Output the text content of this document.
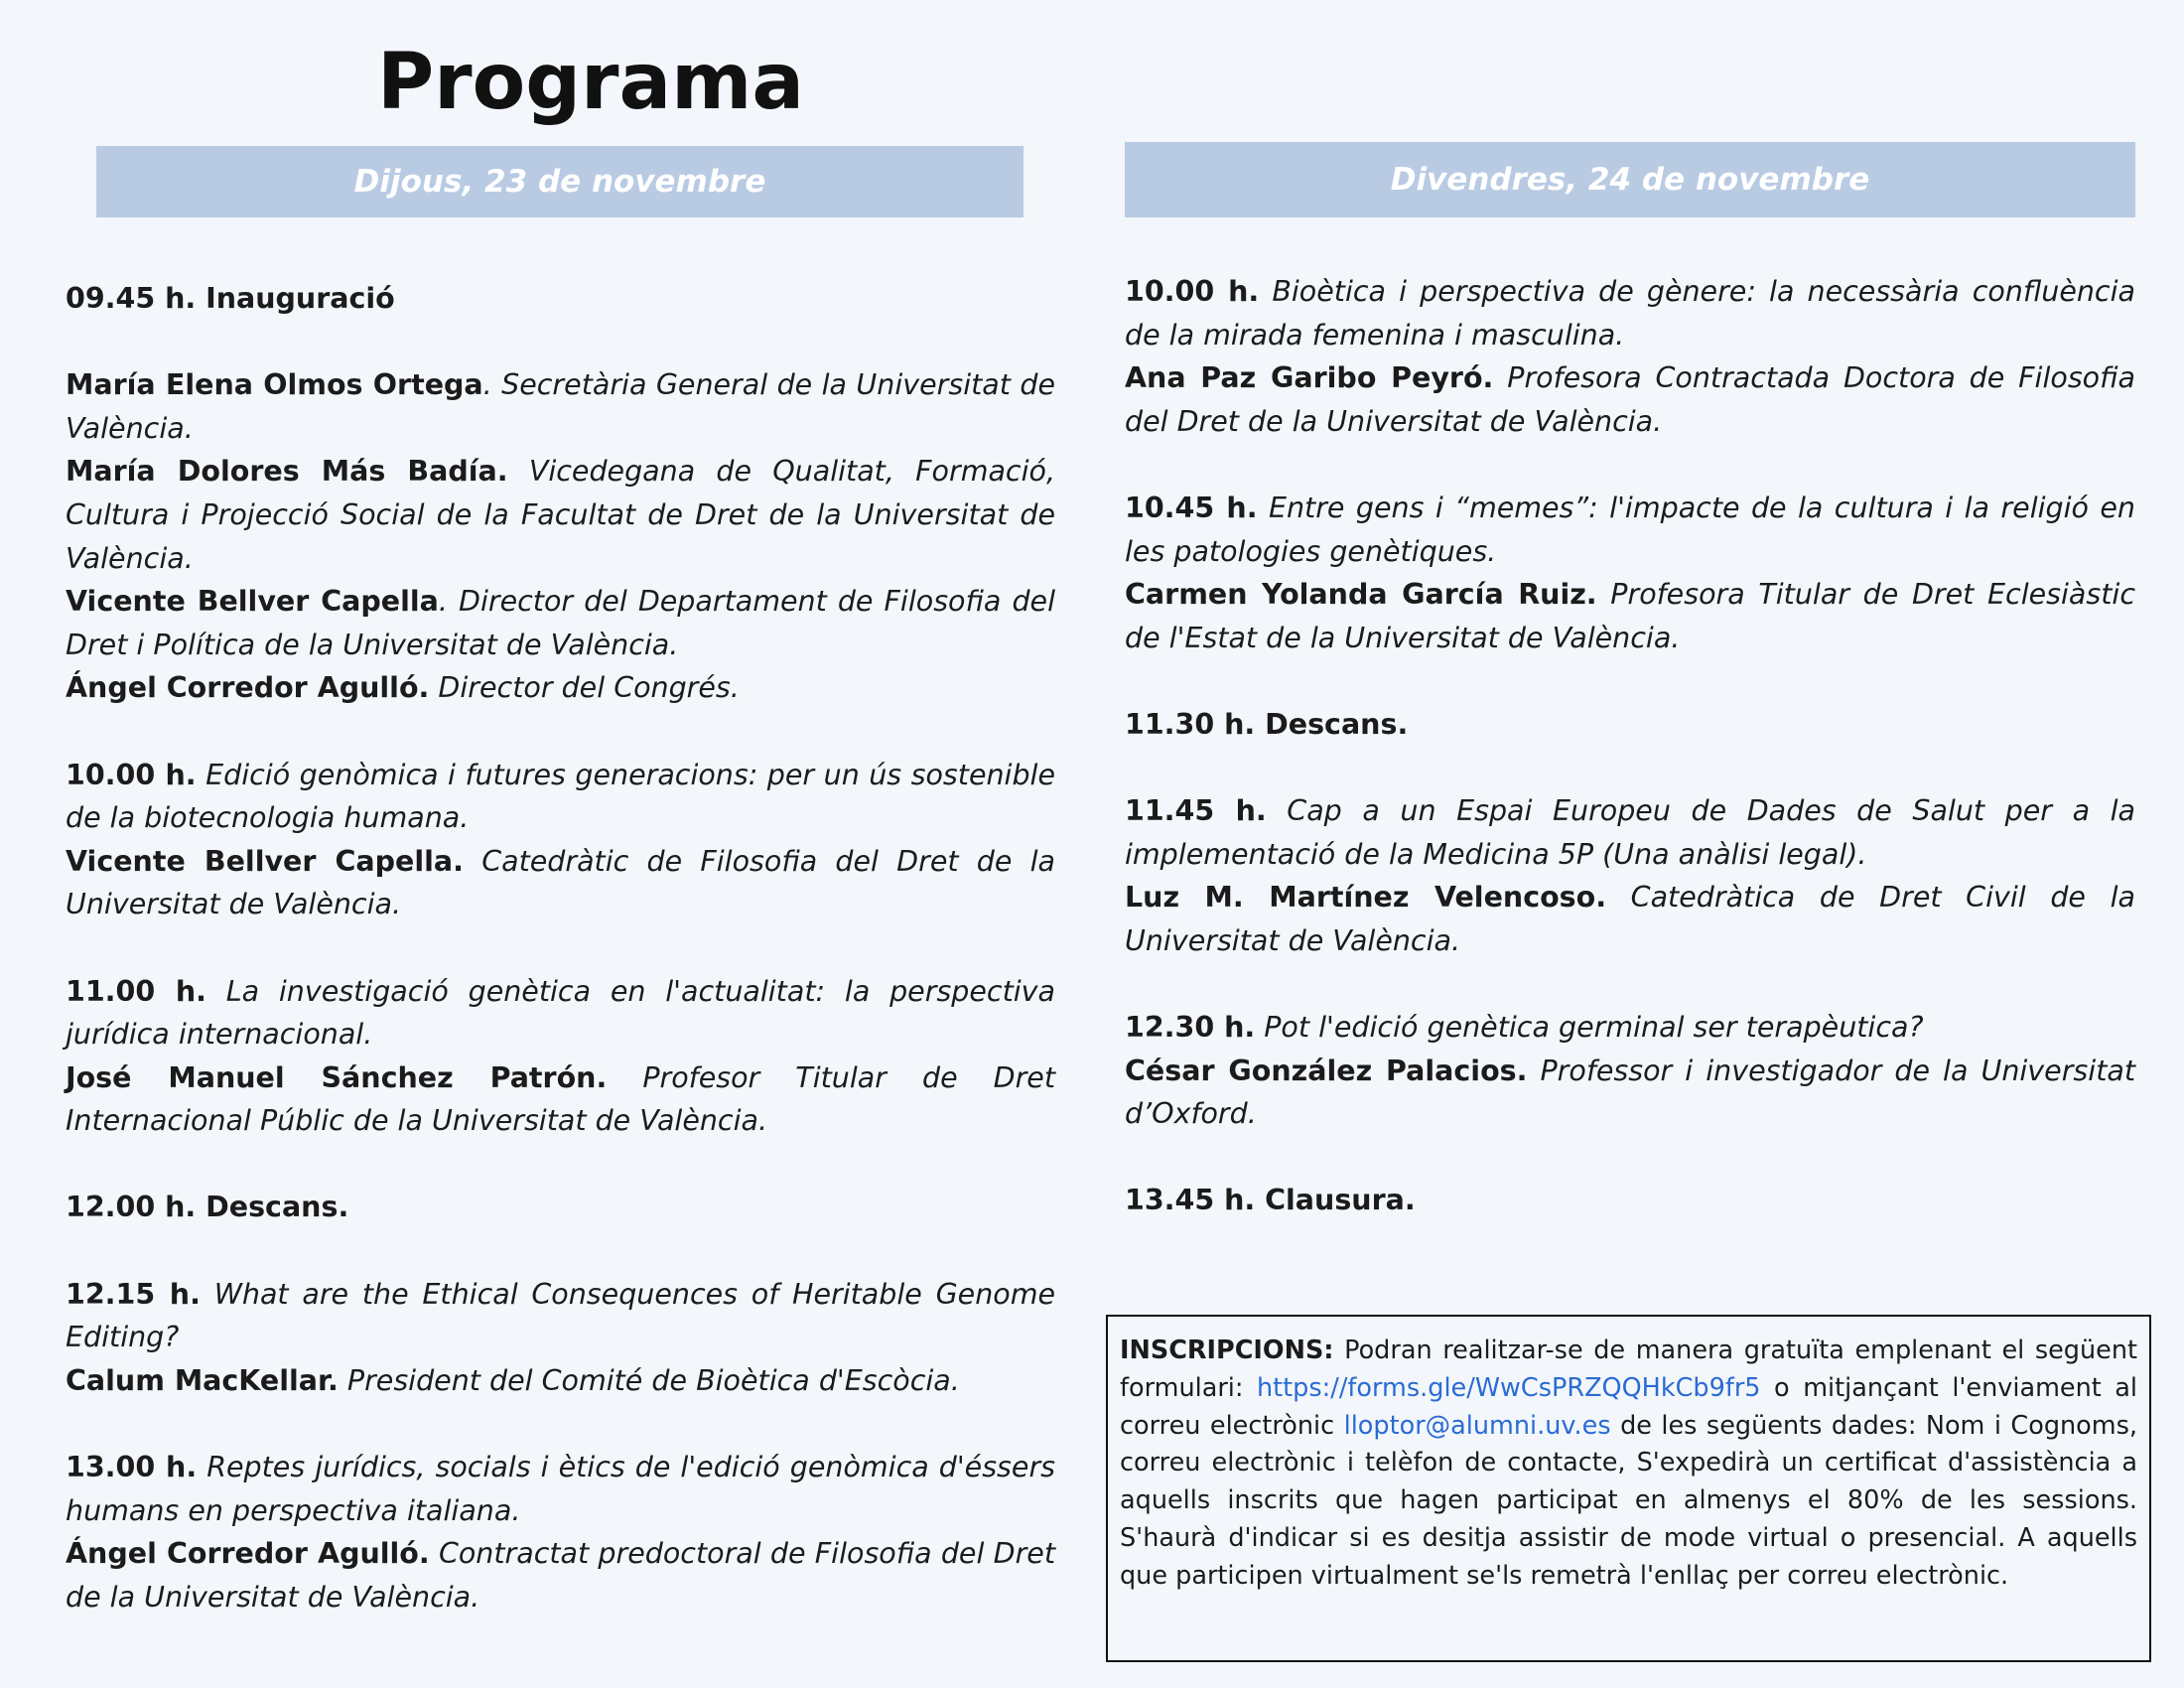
Programa
Dijous, 23 de novembre	Divendres, 24 de novembre

09.45 h. Inauguració

María Elena Olmos Ortega. Secretària General de la Universitat de València.

María Dolores Más Badía. Vicedegana de Qualitat, Formació, Cultura i Projecció Social de la Facultat de Dret de la Universitat de València.

Vicente Bellver Capella. Director del Departament de Filosofia del Dret i Política de la Universitat de València.

Ángel Corredor Agulló. Director del Congrés.

10.00 h. Edició genòmica i futures generacions: per un ús sostenible de la biotecnologia humana.

Vicente Bellver Capella. Catedràtic de Filosofia del Dret de la Universitat de València.

11.00 h. La investigació genètica en l'actualitat: la perspectiva jurídica internacional.

José Manuel Sánchez Patrón. Profesor Titular de Dret Internacional Públic de la Universitat de València.

12.00 h. Descans.

12.15 h. What are the Ethical Consequences of Heritable Genome Editing?

Calum MacKellar. President del Comité de Bioètica d'Escòcia.

13.00 h. Reptes jurídics, socials i ètics de l'edició genòmica d'éssers humans en perspectiva italiana.

Ángel Corredor Agulló. Contractat predoctoral de Filosofia del Dret de la Universitat de València.

10.00 h. Bioètica i perspectiva de gènere: la necessària confluència de la mirada femenina i masculina.

Ana Paz Garibo Peyró. Profesora Contractada Doctora de Filosofia del Dret de la Universitat de València.

10.45 h. Entre gens i “memes”: l'impacte de la cultura i la religió en les patologies genètiques.

Carmen Yolanda García Ruiz. Profesora Titular de Dret Eclesiàstic de l'Estat de la Universitat de València.

11.30 h. Descans.

11.45 h. Cap a un Espai Europeu de Dades de Salut per a la implementació de la Medicina 5P (Una anàlisi legal).

Luz M. Martínez Velencoso. Catedràtica de Dret Civil de la Universitat de València.

12.30 h. Pot l'edició genètica germinal ser terapèutica?

César González Palacios. Professor i investigador de la Universitat d’Oxford.

13.45 h. Clausura.

INSCRIPCIONS: Podran realitzar-se de manera gratuïta emplenant el següent formulari: https://forms.gle/WwCsPRZQQHkCb9fr5 o mitjançant l'enviament al correu electrònic lloptor@alumni.uv.es de les següents dades: Nom i Cognoms, correu electrònic i telèfon de contacte, S'expedirà un certificat d'assistència a aquells inscrits que hagen participat en almenys el 80% de les sessions. S'haurà d'indicar si es desitja assistir de mode virtual o presencial. A aquells que participen virtualment se'ls remetrà l'enllaç per correu electrònic.
